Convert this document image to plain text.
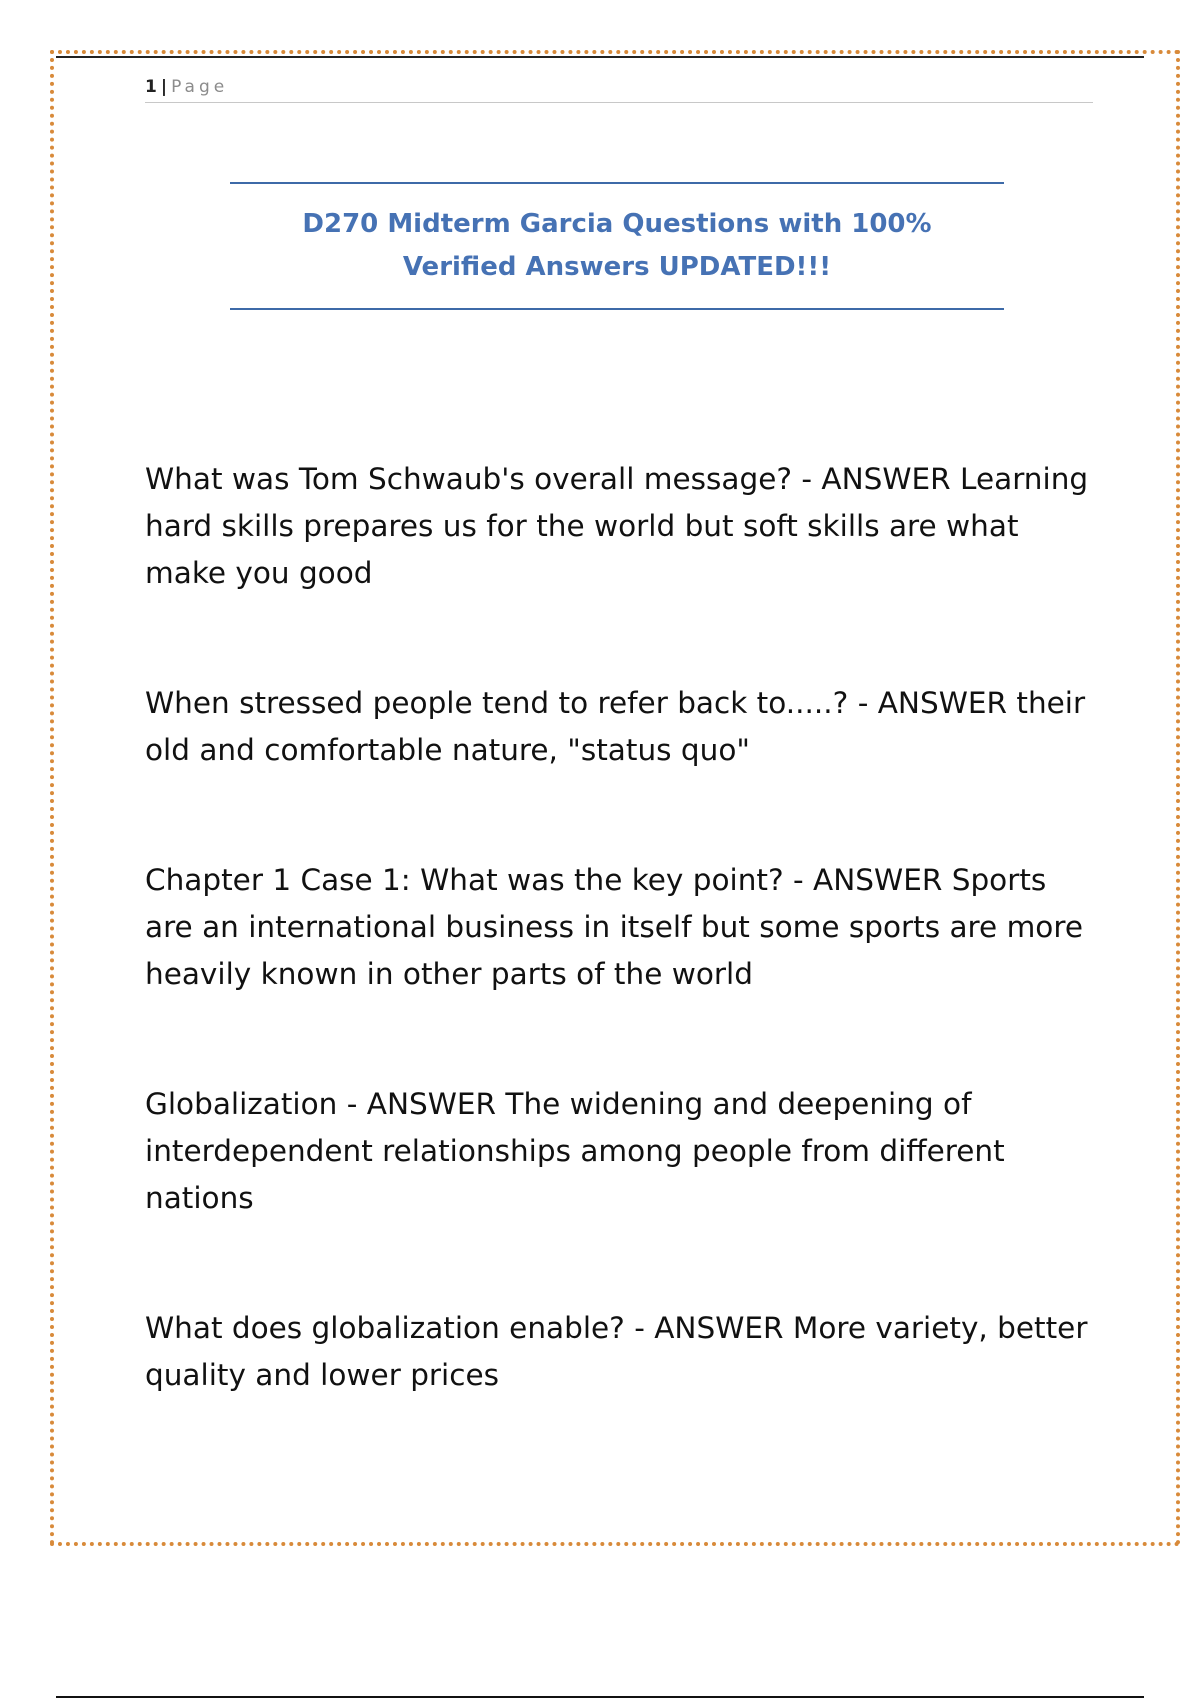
1 | Page
D270 Midterm Garcia Questions with 100% Verified Answers UPDATED!!!
What was Tom Schwaub's overall message? - ANSWER Learning hard skills prepares us for the world but soft skills are what make you good
When stressed people tend to refer back to.....? - ANSWER their old and comfortable nature, "status quo"
Chapter 1 Case 1: What was the key point? - ANSWER Sports are an international business in itself but some sports are more heavily known in other parts of the world
Globalization - ANSWER The widening and deepening of interdependent relationships among people from different nations
What does globalization enable? - ANSWER More variety, better quality and lower prices
